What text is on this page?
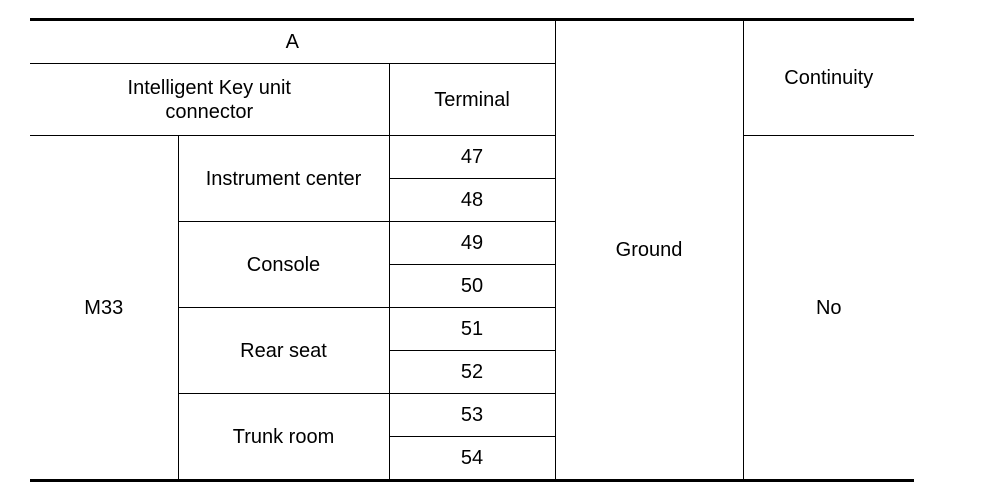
A			Ground	Continuity
Intelligent Key unit connector		Terminal		
M33	Instrument center	47		No
		48		
	Console	49		
		50		
	Rear seat	51		
		52		
	Trunk room	53		
		54		
